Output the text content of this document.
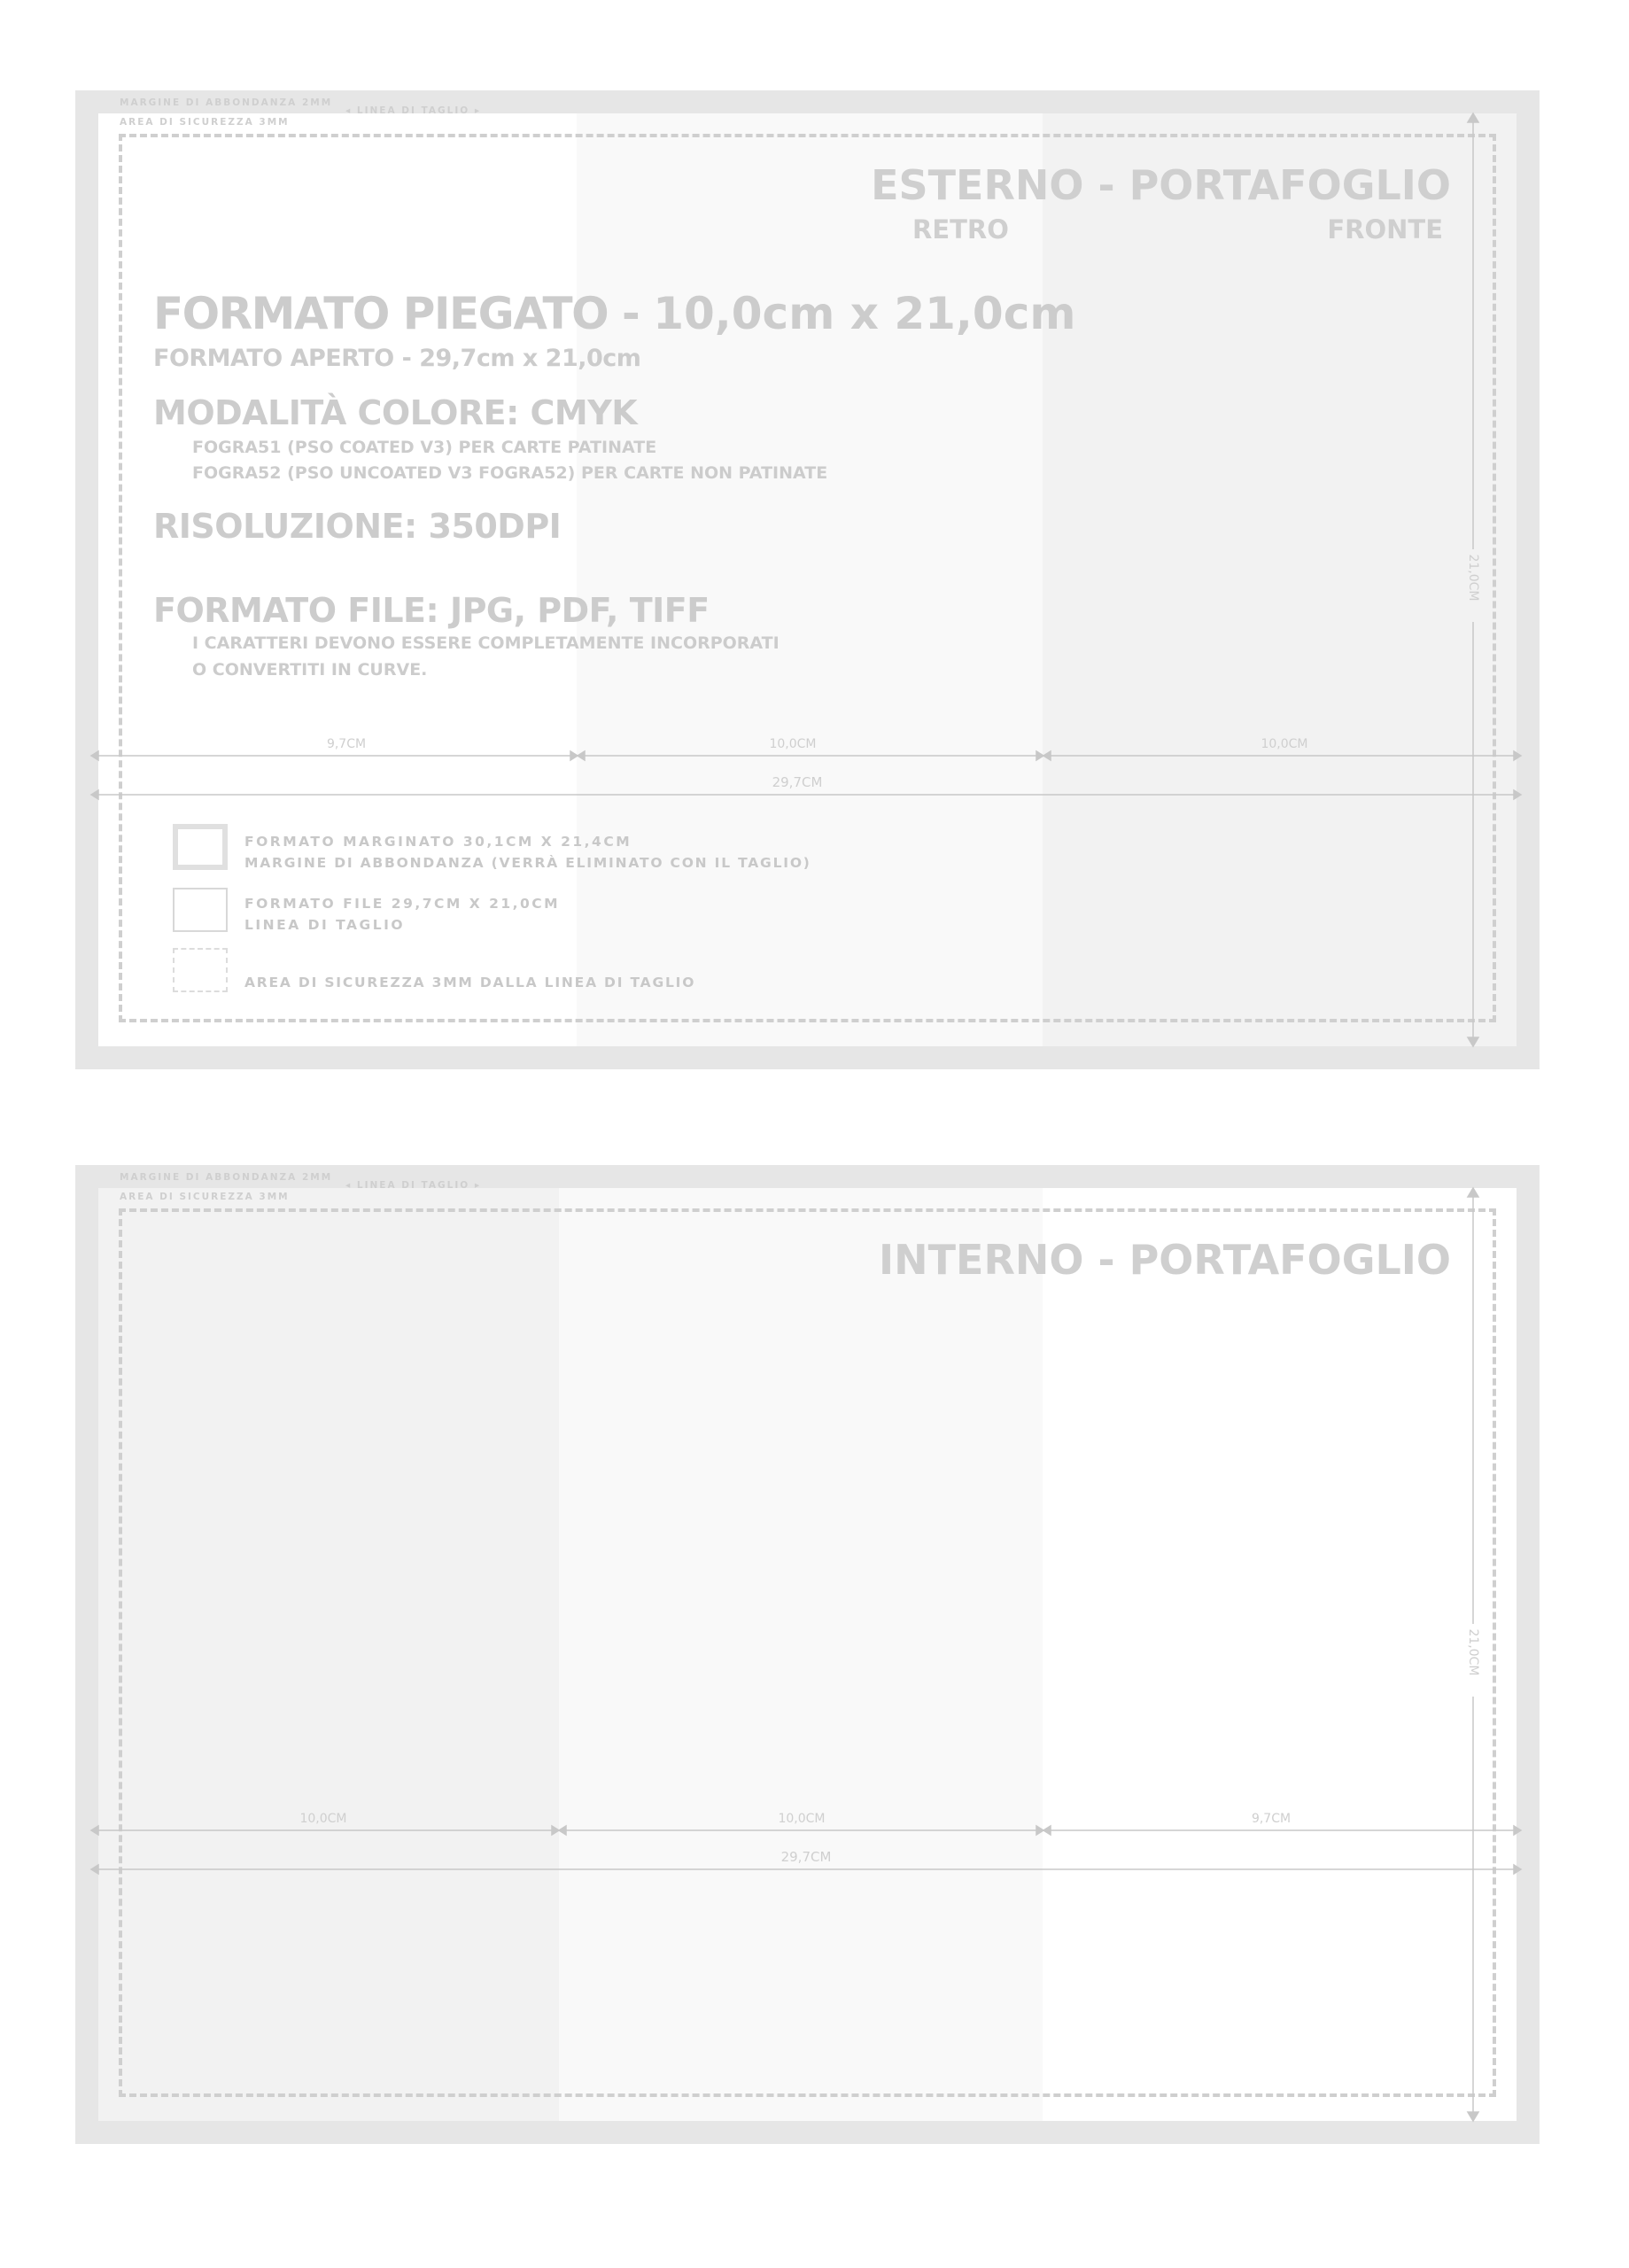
MARGINE DI ABBONDANZA 2MM
AREA DI SICUREZZA 3MM
◂ LINEA DI TAGLIO ▸
ESTERNO - PORTAFOGLIO
RETRO	FRONTE
FORMATO PIEGATO - 10,0cm x 21,0cm
FORMATO APERTO - 29,7cm x 21,0cm
MODALITÀ COLORE: CMYK
FOGRA51 (PSO COATED V3) PER CARTE PATINATE
FOGRA52 (PSO UNCOATED V3 FOGRA52) PER CARTE NON PATINATE
RISOLUZIONE: 350DPI
FORMATO FILE: JPG, PDF, TIFF
I CARATTERI DEVONO ESSERE COMPLETAMENTE INCORPORATI
O CONVERTITI IN CURVE.
9,7CM	10,0CM	10,0CM
29,7CM
21,0CM
FORMATO MARGINATO 30,1CM X 21,4CM
MARGINE DI ABBONDANZA (VERRÀ ELIMINATO CON IL TAGLIO)
FORMATO FILE 29,7CM X 21,0CM
LINEA DI TAGLIO
AREA DI SICUREZZA 3MM DALLA LINEA DI TAGLIO
MARGINE DI ABBONDANZA 2MM
AREA DI SICUREZZA 3MM
◂ LINEA DI TAGLIO ▸
INTERNO - PORTAFOGLIO
10,0CM	10,0CM	9,7CM
29,7CM
21,0CM
